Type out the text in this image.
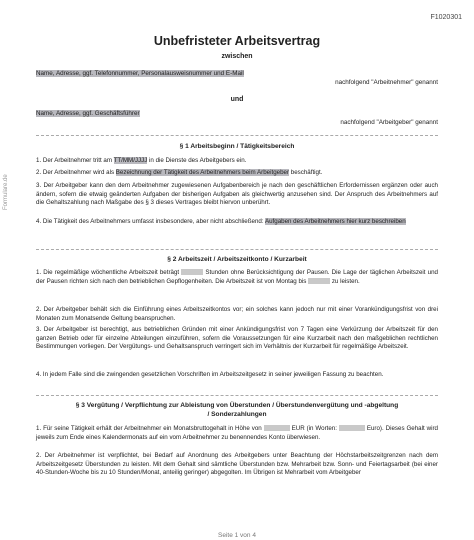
F1020301
Formulare.de
Unbefristeter Arbeitsvertrag
zwischen
Name, Adresse, ggf. Telefonnummer, Personalausweisnummer und E-Mail
nachfolgend "Arbeitnehmer" genannt
und
Name, Adresse, ggf. Geschäftsführer
nachfolgend "Arbeitgeber" genannt
§ 1 Arbeitsbeginn / Tätigkeitsbereich
1. Der Arbeitnehmer tritt am TT/MM/JJJJ in die Dienste des Arbeitgebers ein.
2. Der Arbeitnehmer wird als Bezeichnung der Tätigkeit des Arbeitnehmers beim Arbeitgeber beschäftigt.
3. Der Arbeitgeber kann den dem Arbeitnehmer zugewiesenen Aufgabenbereich je nach den geschäftlichen Erfordernissen ergänzen oder auch ändern, sofern die etwaig geänderten Aufgaben der bisherigen Aufgaben als gleichwertig anzusehen sind. Der Anspruch des Arbeitnehmers auf die Gehaltszahlung nach Maßgabe des § 3 dieses Vertrages bleibt hiervon unberührt.
4. Die Tätigkeit des Arbeitnehmers umfasst insbesondere, aber nicht abschließend: Aufgaben des Arbeitnehmers hier kurz beschreiben
§ 2 Arbeitszeit / Arbeitszeitkonto / Kurzarbeit
1. Die regelmäßige wöchentliche Arbeitszeit beträgt	Stunden ohne Berücksichtigung der Pausen. Die Lage der täglichen Arbeitszeit und der Pausen richten sich nach den betrieblichen Gepflogenheiten. Die Arbeitszeit ist von Montag bis	zu leisten.
2. Der Arbeitgeber behält sich die Einführung eines Arbeitszeitkontos vor; ein solches kann jedoch nur mit einer Vorankündigungsfrist von drei Monaten zum Monatsende Geltung beanspruchen.
3. Der Arbeitgeber ist berechtigt, aus betrieblichen Gründen mit einer Ankündigungsfrist von 7 Tagen eine Verkürzung der Arbeitszeit für den ganzen Betrieb oder für einzelne Abteilungen einzuführen, sofern die Voraussetzungen für eine Kurzarbeit nach den maßgeblichen rechtlichen Bestimmungen vorliegen. Der Vergütungs- und Gehaltsanspruch verringert sich im Verhältnis der Kurzarbeit für regelmäßige Arbeitszeit.
4. In jedem Falle sind die zwingenden gesetzlichen Vorschriften im Arbeitszeitgesetz in seiner jeweiligen Fassung zu beachten.
§ 3 Vergütung / Verpflichtung zur Ableistung von Überstunden / Überstundenvergütung und -abgeltung
/ Sonderzahlungen
1. Für seine Tätigkeit erhält der Arbeitnehmer ein Monatsbruttogehalt in Höhe von	EUR (in Worten:	Euro). Dieses Gehalt wird jeweils zum Ende eines Kalendermonats auf ein vom Arbeitnehmer zu benennendes Konto überwiesen.
2. Der Arbeitnehmer ist verpflichtet, bei Bedarf auf Anordnung des Arbeitgebers unter Beachtung der Höchstarbeitszeitgrenzen nach dem Arbeitszeitgesetz Überstunden zu leisten. Mit dem Gehalt sind sämtliche Überstunden bzw. Mehrarbeit bzw. Sonn- und Feiertagsarbeit (bei einer 40-Stunden-Woche bis zu 10 Stunden/Monat, anteilig geringer) abgegolten. Im Übrigen ist Mehrarbeit vom Arbeitgeber
Seite 1 von 4
